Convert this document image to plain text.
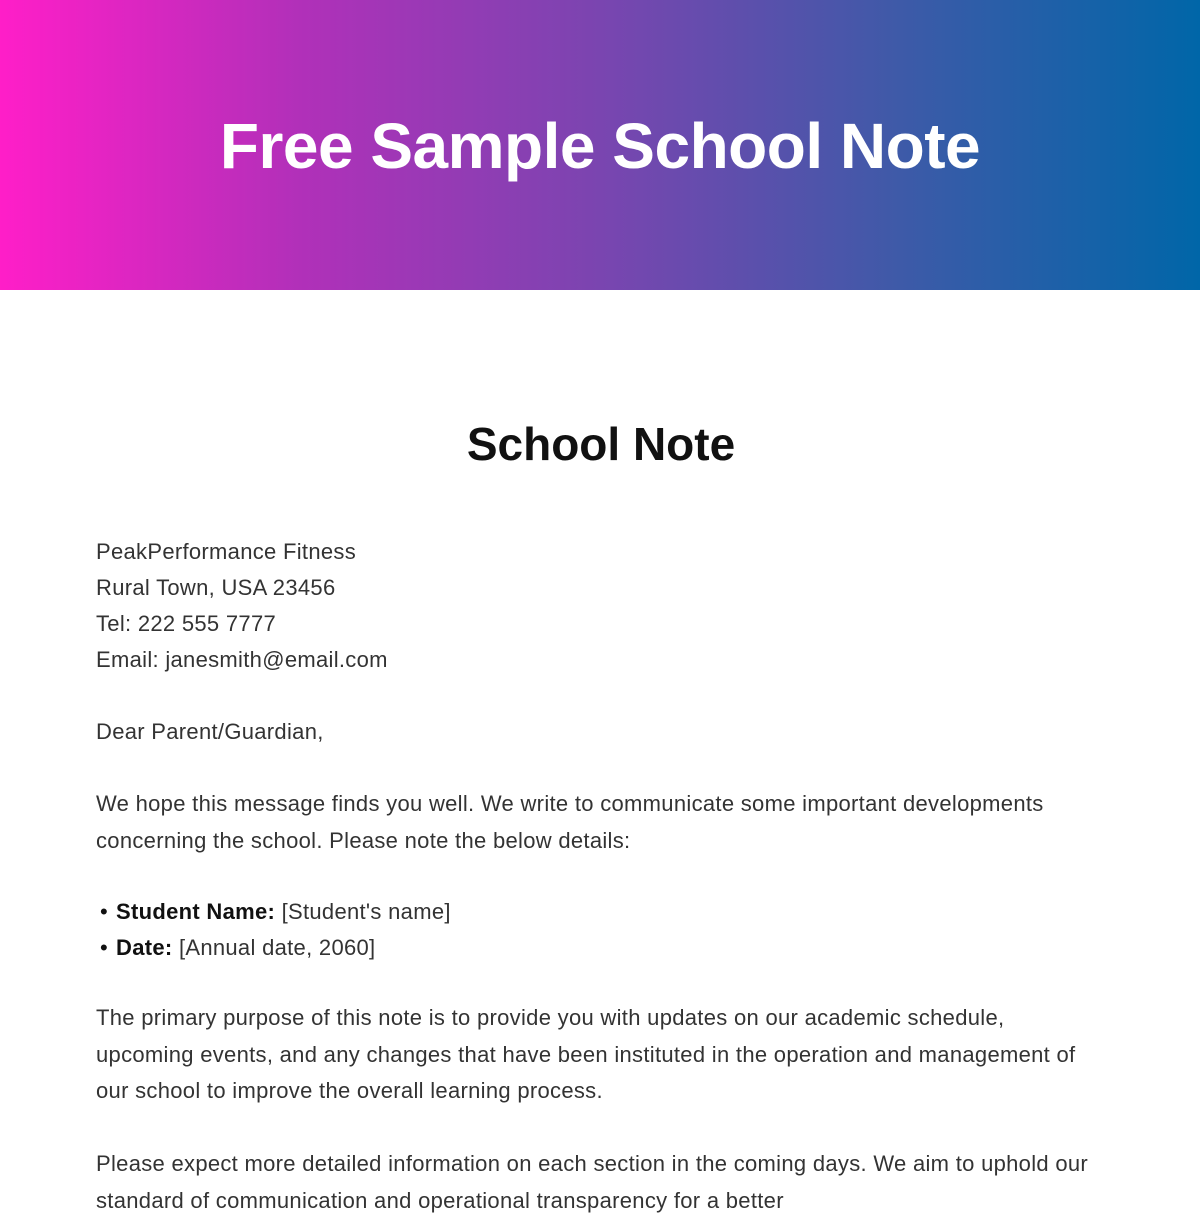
Free Sample School Note
School Note
PeakPerformance Fitness
Rural Town, USA 23456
Tel: 222 555 7777
Email: janesmith@email.com

Dear Parent/Guardian,

We hope this message finds you well. We write to communicate some important developments concerning the school. Please note the below details:

• Student Name: [Student's name]
• Date: [Annual date, 2060]

The primary purpose of this note is to provide you with updates on our academic schedule, upcoming events, and any changes that have been instituted in the operation and management of our school to improve the overall learning process.

Please expect more detailed information on each section in the coming days. We aim to uphold our standard of communication and operational transparency for a better
